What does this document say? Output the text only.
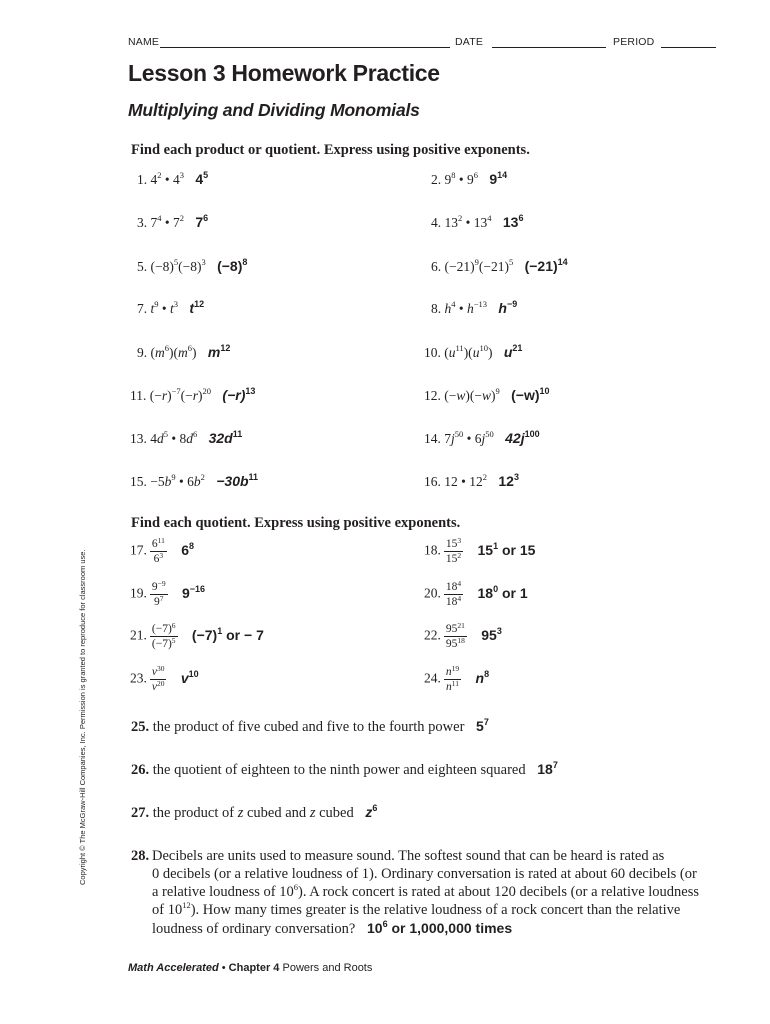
NAME	DATE	PERIOD
Lesson 3 Homework Practice
Multiplying and Dividing Monomials
Find each product or quotient. Express using positive exponents.
1. $4^2$ • $4^3$ $4^5$	2. $9^8$ • $9^6$ $9^{14}$
3. $7^4$ • $7^2$ $7^6$	4. $13^2$ • $13^4$ $13^6$
5. $(-8)^5(-8)^3$ $(-8)^8$	6. $(-21)^9(-21)^5$ $(-21)^{14}$
7. $t^9$ • $t^3$ $t^{12}$	8. $h^4$ • $h^{-13}$ $h^{-9}$
9. $(m^6)(m^6)$ $m^{12}$	10. $(u^{11})(u^{10})$ $u^{21}$
11. $(-r)^{-7}(-r)^{20}$ $(-r)^{13}$	12. $(-w)(-w)^9$ $(-w)^{10}$
13. $4d^5$ • $8d^6$ $32d^{11}$	14. $7j^{50}$ • $6j^{50}$ $42j^{100}$
15. $-5b^9$ • $6b^2 -30b^{11}$	16. 12 • $12^2$ $12^3$
Find each quotient. Express using positive exponents.
17. $\frac{6^{11}}{6^3} 6^8$	18. $\frac{15^3}{15^2} 15^1$ or 15
19. $\frac{9^{-9}}{9^7} 9^{-16}$	20. $\frac{18^4}{18^4} 18^0$ or 1
21. $\frac{(-7)^6}{(-7)^5} (-7)^1$ or − 7	22. $\frac{95^{21}}{95^{18}} 95^3$
23. $\frac{v^{30}}{v^{20}} v^{10}$	24. $\frac{n^{19}}{n^{11}} n^8$
25. the product of five cubed and five to the fourth power $5^7$
26. the quotient of eighteen to the ninth power and eighteen squared $18^7$
27. the product of z cubed and z cubed $z^6$
28. Decibels are units used to measure sound. The softest sound that can be heard is rated as
0 decibels (or a relative loudness of 1). Ordinary conversation is rated at about 60 decibels (or
a relative loudness of $10^6$). A rock concert is rated at about 120 decibels (or a relative loudness
of $10^{12}$). How many times greater is the relative loudness of a rock concert than the relative
loudness of ordinary conversation? $10^6$ or 1,000,000 times
Copyright © The McGraw-Hill Companies, Inc. Permission is granted to reproduce for classroom use.
Math Accelerated • Chapter 4 Powers and Roots
